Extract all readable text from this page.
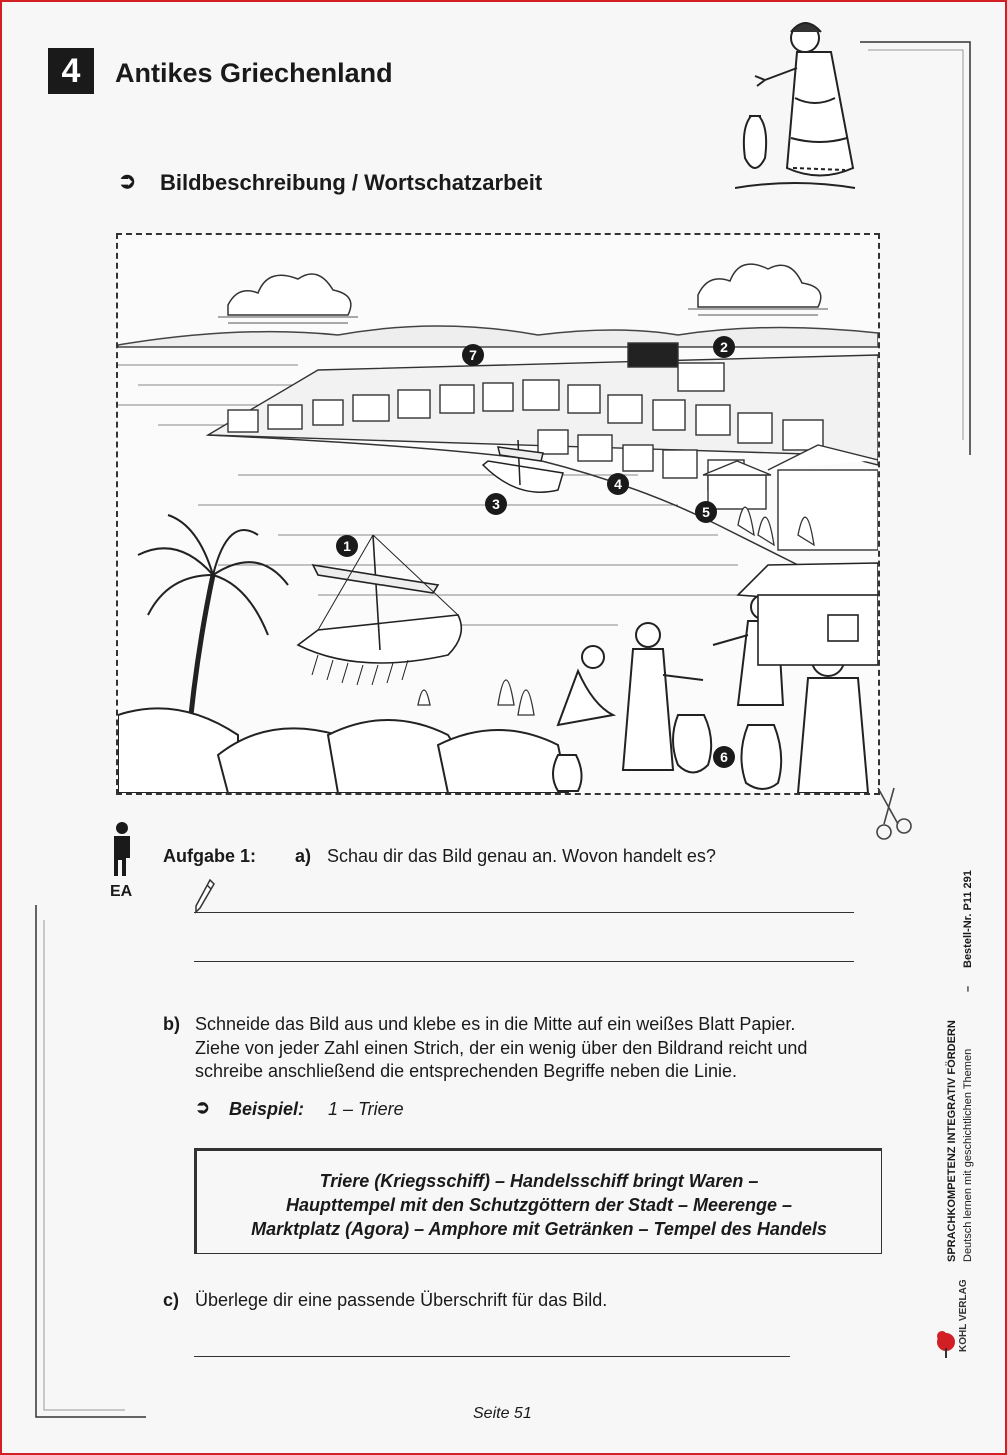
4	Antikes Griechenland
➲ Bildbeschreibung / Wortschatzarbeit
1
2
3
4
5
6
7
EA
Aufgabe 1: a) Schau dir das Bild genau an. Wovon handelt es?
b) Schneide das Bild aus und klebe es in die Mitte auf ein weißes Blatt Papier.
Ziehe von jeder Zahl einen Strich, der ein wenig über den Bildrand reicht und
schreibe anschließend die entsprechenden Begriffe neben die Linie.
➲ Beispiel: 1 – Triere
Triere (Kriegsschiff) – Handelsschiff bringt Waren –
Haupttempel mit den Schutzgöttern der Stadt – Meerenge –
Marktplatz (Agora) – Amphore mit Getränken – Tempel des Handels
c) Überlege dir eine passende Überschrift für das Bild.
SPRACHKOMPETENZ INTEGRATIV FÖRDERN Deutsch lernen mit geschichtlichen Themen
–
Bestell-Nr. P11 291
KOHL VERLAG
Seite 51
